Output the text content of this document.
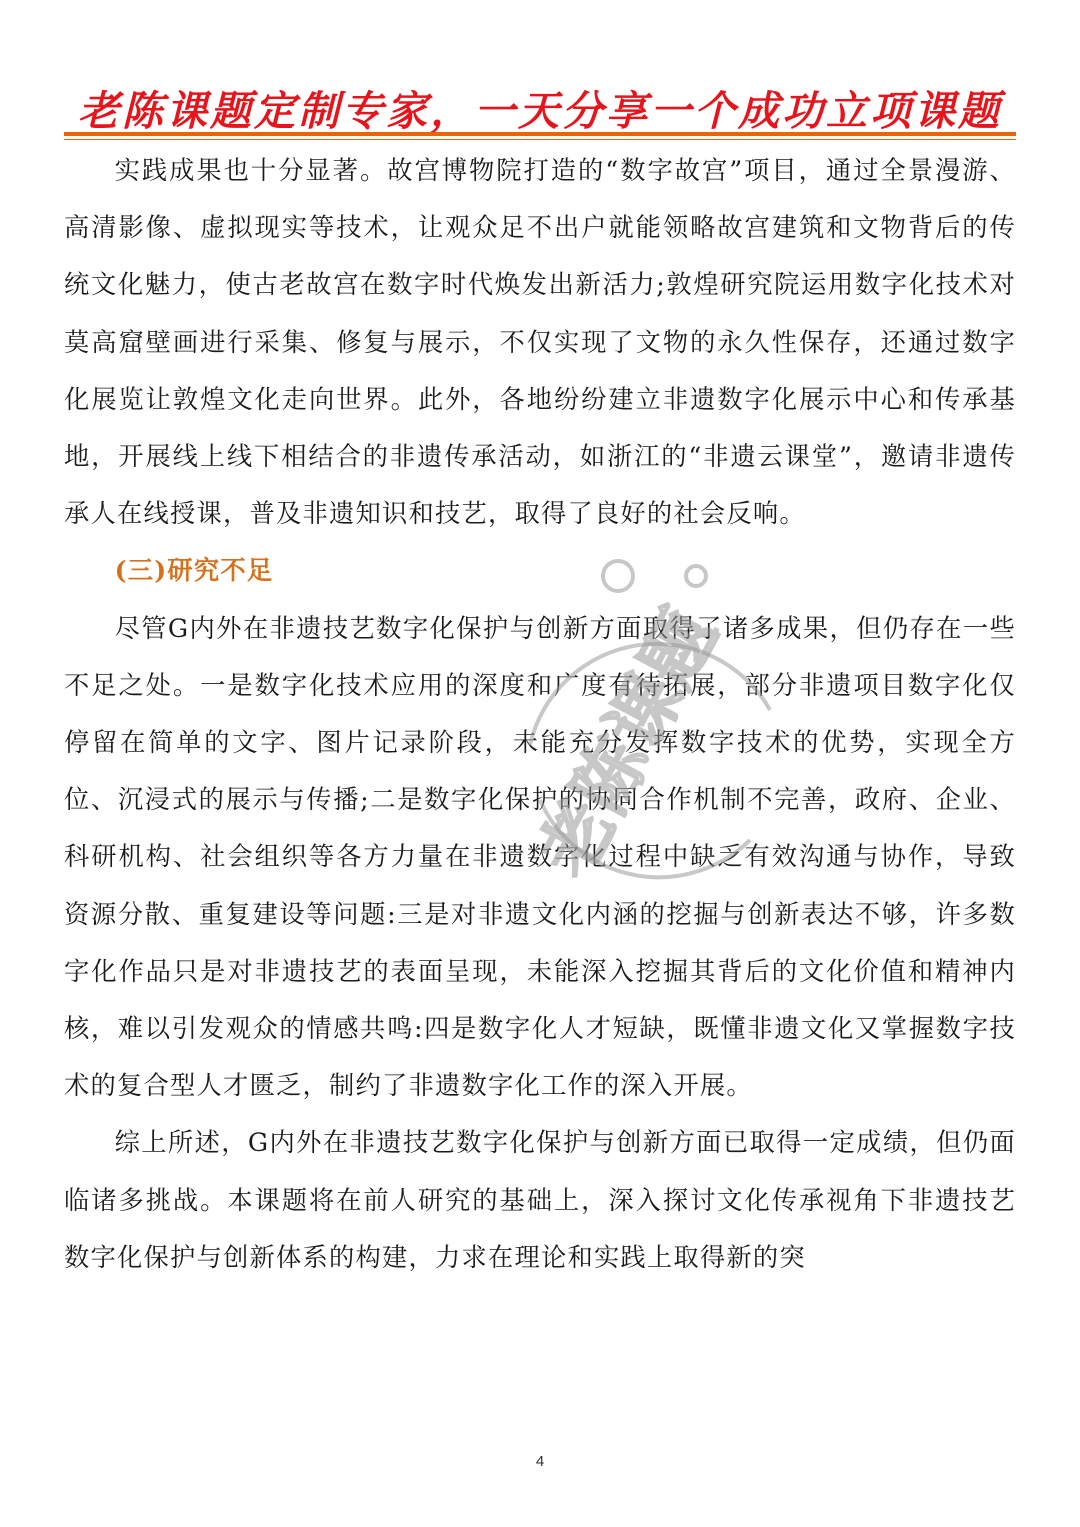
老陈课题定制专家，一天分享一个成功立项课题

实践成果也十分显著。故宫博物院打造的“数字故宫”项目，通过全景漫游、高清影像、虚拟现实等技术，让观众足不出户就能领略故宫建筑和文物背后的传统文化魅力，使古老故宫在数字时代焕发出新活力;敦煌研究院运用数字化技术对莫高窟壁画进行采集、修复与展示，不仅实现了文物的永久性保存，还通过数字化展览让敦煌文化走向世界。此外，各地纷纷建立非遗数字化展示中心和传承基地，开展线上线下相结合的非遗传承活动，如浙江的“非遗云课堂”，邀请非遗传承人在线授课，普及非遗知识和技艺，取得了良好的社会反响。

(三)研究不足

尽管G内外在非遗技艺数字化保护与创新方面取得了诸多成果，但仍存在一些不足之处。一是数字化技术应用的深度和广度有待拓展，部分非遗项目数字化仅停留在简单的文字、图片记录阶段，未能充分发挥数字技术的优势，实现全方位、沉浸式的展示与传播;二是数字化保护的协同合作机制不完善，政府、企业、科研机构、社会组织等各方力量在非遗数字化过程中缺乏有效沟通与协作，导致资源分散、重复建设等问题:三是对非遗文化内涵的挖掘与创新表达不够，许多数字化作品只是对非遗技艺的表面呈现，未能深入挖掘其背后的文化价值和精神内核，难以引发观众的情感共鸣:四是数字化人才短缺，既懂非遗文化又掌握数字技术的复合型人才匮乏，制约了非遗数字化工作的深入开展。

综上所述，G内外在非遗技艺数字化保护与创新方面已取得一定成绩，但仍面临诸多挑战。本课题将在前人研究的基础上，深入探讨文化传承视角下非遗技艺数字化保护与创新体系的构建，力求在理论和实践上取得新的突

老陈课题
4
